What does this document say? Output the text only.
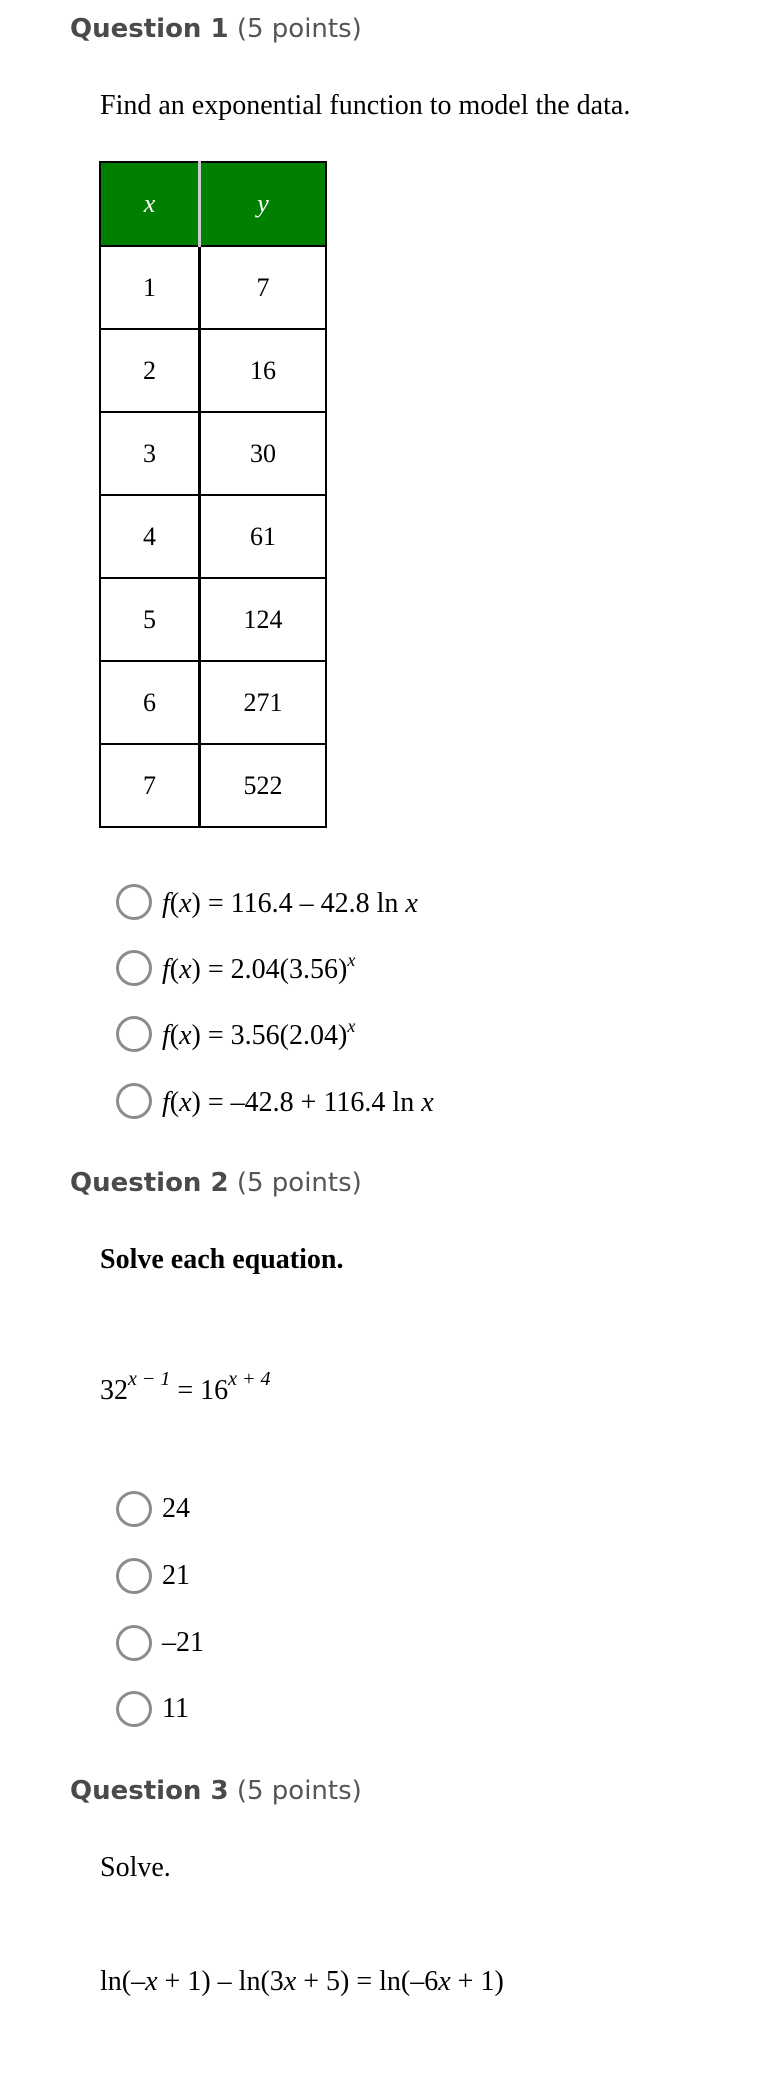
Question 1 (5 points)
Find an exponential function to model the data.
x	y
1	7
2	16
3	30
4	61
5	124
6	271
7	522
f(x) = 116.4 – 42.8 ln x
$f(x) = 2.04(3.56)^x$
$f(x) = 3.56(2.04)^x$
f(x) = –42.8 + 116.4 ln x
Question 2 (5 points)
Solve each equation.
$32^{x - 1} = 16^{x + 4}$
24
21
–21
11
Question 3 (5 points)
Solve.
ln(–x + 1) – ln(3x + 5) = ln(–6x + 1)
